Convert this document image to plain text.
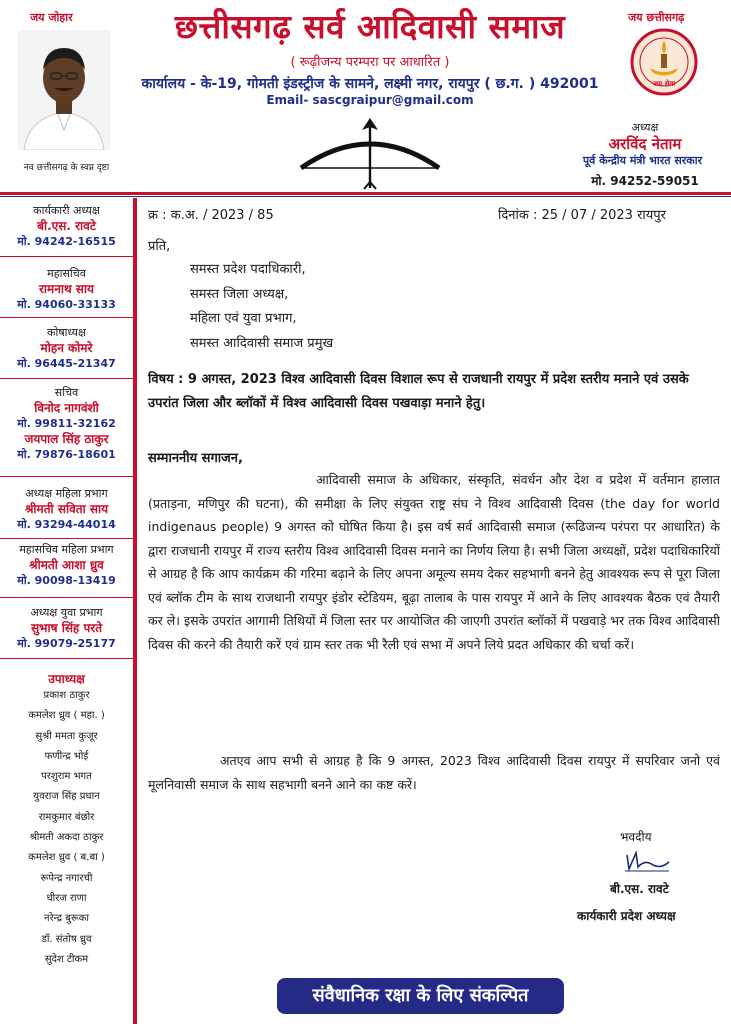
जय जोहार	जय छत्तीसगढ़
छत्तीसगढ़ सर्व आदिवासी समाज
( रूढ़ीजन्य परम्परा पर आधारित )
कार्यालय - के-19, गोमती इंडस्ट्रीज के सामने, लक्ष्मी नगर, रायपुर ( छ.ग. ) 492001
Email- sascgraipur@gmail.com
नव छत्तीसगढ़ के स्वप्न दृष्टा
जय सेवा
अध्यक्ष
अरविंद नेताम
पूर्व केन्द्रीय मंत्री भारत सरकार
मो. 94252-59051
कार्यकारी अध्यक्ष
बी.एस. रावटे
मो. 94242-16515
महासचिव
रामनाथ साय
मो. 94060-33133
कोषाध्यक्ष
मोहन कोमरे
मो. 96445-21347
सचिव
विनोद नागवंशी
मो. 99811-32162
जयपाल सिंह ठाकुर
मो. 79876-18601
अध्यक्ष महिला प्रभाग
श्रीमती सविता साय
मो. 93294-44014
महासचिव महिला प्रभाग
श्रीमती आशा ध्रुव
मो. 90098-13419
अध्यक्ष युवा प्रभाग
सुभाष सिंह परते
मो. 99079-25177
उपाध्यक्ष
प्रकाश ठाकुर
कमलेश ध्रुव ( महा. )
सुश्री ममता कुजूर
फणीन्द्र भोई
परशुराम भगत
युवराज सिंह प्रधान
रामकुमार बंछोर
श्रीमती अकदा ठाकुर
कमलेश ध्रुव ( ब.बा )
रूपेन्द्र नगारची
धीरज राणा
नरेन्द्र बुरूका
डॉ. संतोष ध्रुव
सुदेश टीकम
क्र : क.अ. / 2023 / 85	दिनांक : 25 / 07 / 2023 रायपुर
प्रति,
समस्त प्रदेश पदाधिकारी,
समस्त जिला अध्यक्ष,
महिला एवं युवा प्रभाग,
समस्त आदिवासी समाज प्रमुख
विषय : 9 अगस्त, 2023 विश्व आदिवासी दिवस विशाल रूप से राजधानी रायपुर में प्रदेश स्तरीय मनाने एवं उसके उपरांत जिला और ब्लॉकों में विश्व आदिवासी दिवस पखवाड़ा मनाने हेतु।
सम्माननीय सगाजन,

आदिवासी समाज के अधिकार, संस्कृति, संवर्धन और देश व प्रदेश में वर्तमान हालात (प्रताड़ना, मणिपुर की घटना), की समीक्षा के लिए संयुक्त राष्ट्र संघ ने विश्व आदिवासी दिवस (the day for world indigenaus people) 9 अगस्त को घोषित किया है। इस वर्ष सर्व आदिवासी समाज (रूढिजन्य परंपरा पर आधारित) के द्वारा राजधानी रायपुर में राज्य स्तरीय विश्व आदिवासी दिवस मनाने का निर्णय लिया है। सभी जिला अध्यक्षों, प्रदेश पदाधिकारियों से आग्रह है कि आप कार्यक्रम की गरिमा बढ़ाने के लिए अपना अमूल्य समय देकर सहभागी बनने हेतु आवश्यक रूप से पूरा जिला एवं ब्लॉक टीम के साथ राजधानी रायपुर इंडोर स्टेडियम, बूढ़ा तालाब के पास रायपुर में आने के लिए आवश्यक बैठक एवं तैयारी कर ले। इसके उपरांत आगामी तिथियों में जिला स्तर पर आयोजित की जाएगी उपरांत ब्लॉकों में पखवाड़े भर तक विश्व आदिवासी दिवस की करने की तैयारी करें एवं ग्राम स्तर तक भी रैली एवं सभा में अपने लिये प्रदत अधिकार की चर्चा करें।

अतएव आप सभी से आग्रह है कि 9 अगस्त, 2023 विश्व आदिवासी दिवस रायपुर में सपरिवार जनो एवं मूलनिवासी समाज के साथ सहभागी बनने आने का कष्ट करें।

भवदीय
बी.एस. रावटे
कार्यकारी प्रदेश अध्यक्ष
संवैधानिक रक्षा के लिए संकल्पित
